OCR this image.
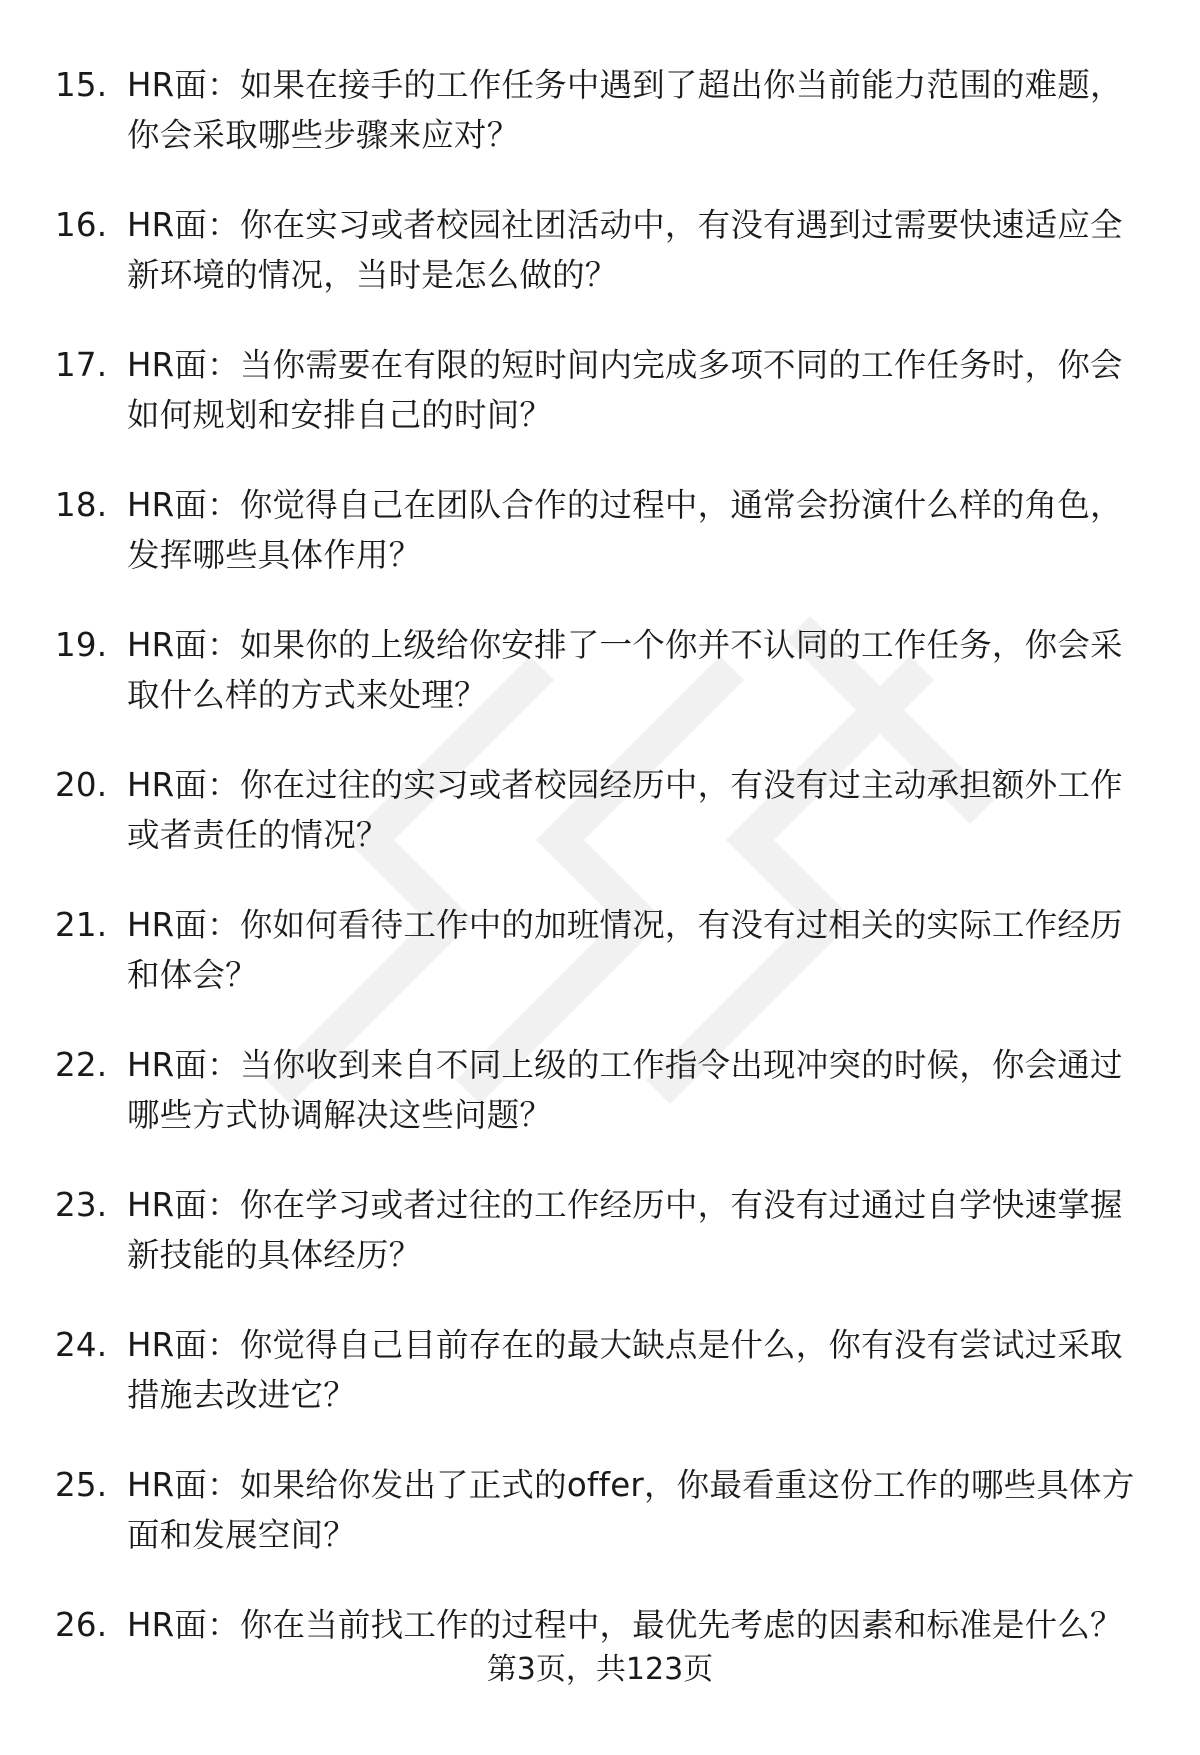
15. HR面：如果在接手的工作任务中遇到了超出你当前能力范围的难题，你会采取哪些步骤来应对？
16. HR面：你在实习或者校园社团活动中，有没有遇到过需要快速适应全新环境的情况，当时是怎么做的？
17. HR面：当你需要在有限的短时间内完成多项不同的工作任务时，你会如何规划和安排自己的时间？
18. HR面：你觉得自己在团队合作的过程中，通常会扮演什么样的角色，发挥哪些具体作用？
19. HR面：如果你的上级给你安排了一个你并不认同的工作任务，你会采取什么样的方式来处理？
20. HR面：你在过往的实习或者校园经历中，有没有过主动承担额外工作或者责任的情况？
21. HR面：你如何看待工作中的加班情况，有没有过相关的实际工作经历和体会？
22. HR面：当你收到来自不同上级的工作指令出现冲突的时候，你会通过哪些方式协调解决这些问题？
23. HR面：你在学习或者过往的工作经历中，有没有过通过自学快速掌握新技能的具体经历？
24. HR面：你觉得自己目前存在的最大缺点是什么，你有没有尝试过采取措施去改进它？
25. HR面：如果给你发出了正式的offer，你最看重这份工作的哪些具体方面和发展空间？
26. HR面：你在当前找工作的过程中，最优先考虑的因素和标准是什么？
第3页，共123页
